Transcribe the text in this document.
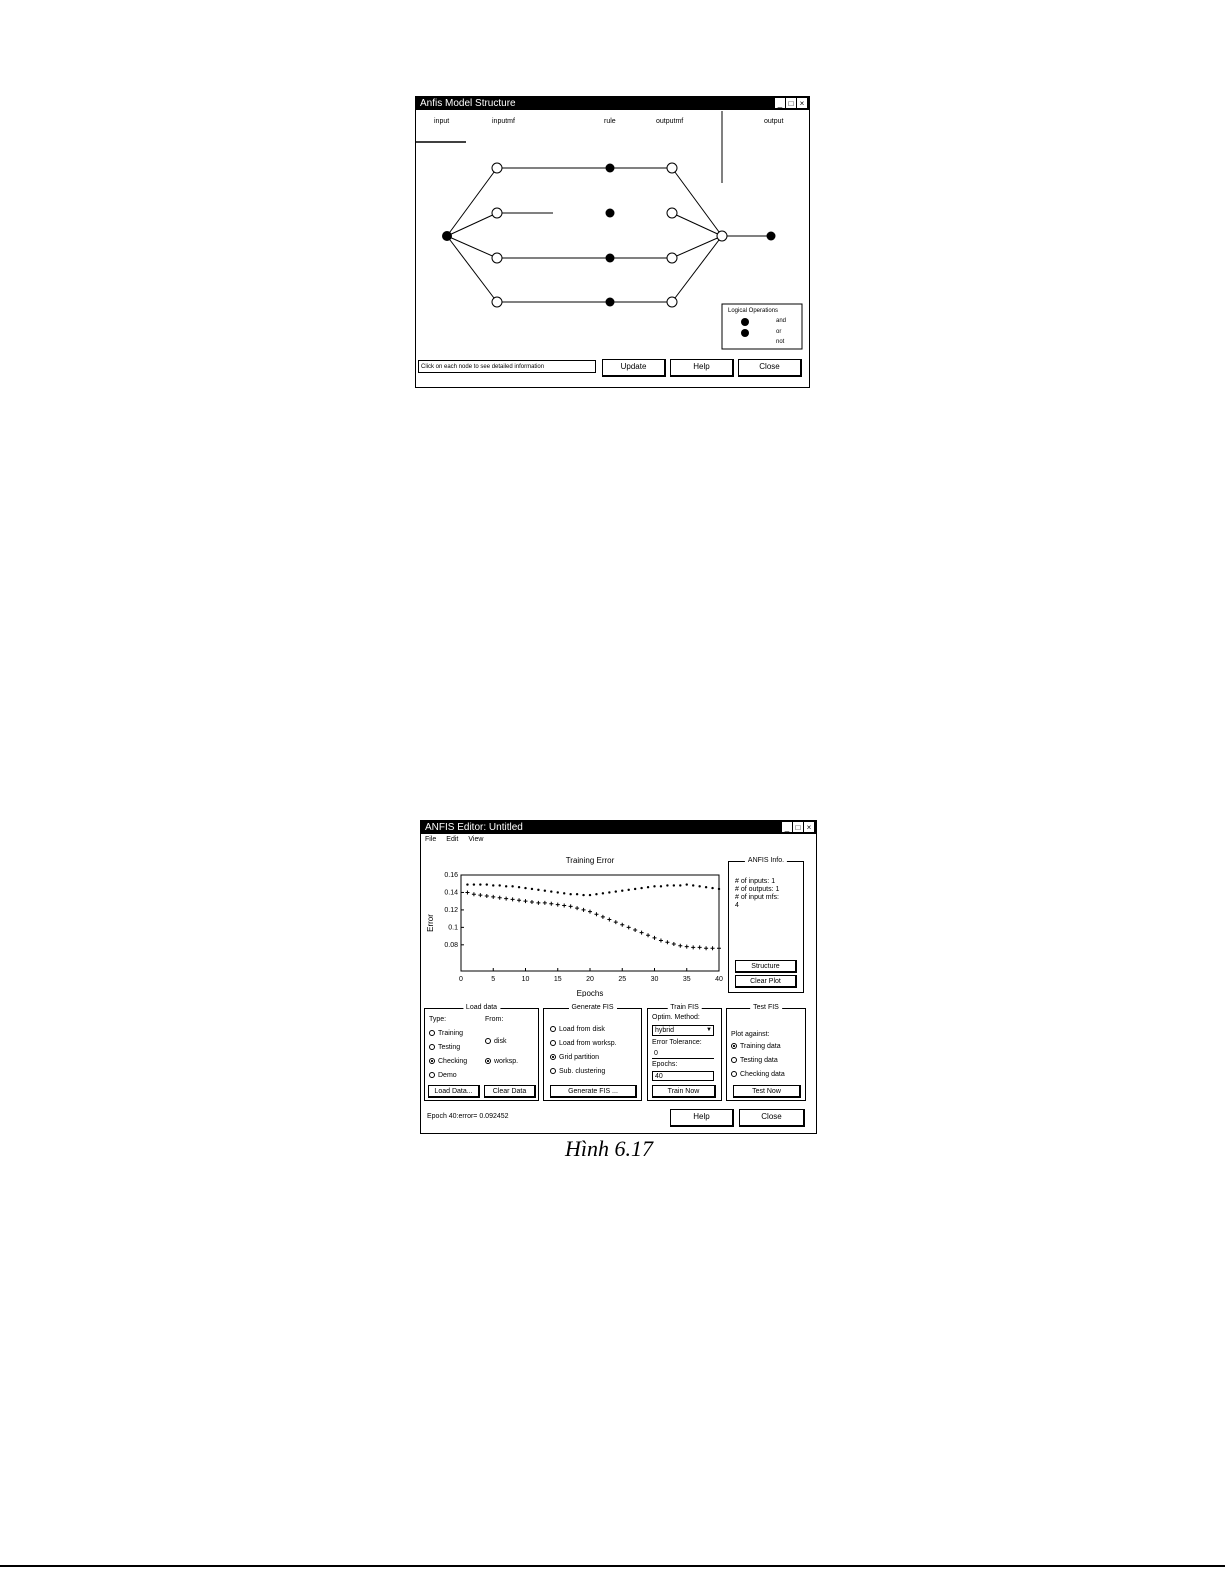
Anfis Model Structure	_ □ ×
input	inputmf	rule	outputmf	output
Logical Operations
and
or
not
Click on each node to see detailed information	Update	Help	Close
ANFIS Editor: Untitled	_ □ ×
File Edit View
Training Error
Epochs
Error
0	5	10	15	20	25	30	35	40
0.16
0.14
0.12
0.1
0.08
ANFIS Info.
# of inputs: 1
# of outputs: 1
# of input mfs:
4
Structure
Clear Plot
Load data
Type:	From:
Training
Testing
Checking
Demo
disk
worksp.
Load Data...	Clear Data
Generate FIS
Load from disk
Load from worksp.
Grid partition
Sub. clustering
Generate FIS ...
Train FIS
Optim. Method:
hybrid	▼
Error Tolerance:
0
Epochs:
40
Train Now
Test FIS
Plot against:
Training data
Testing data
Checking data
Test Now
Epoch 40:error= 0.092452	Help	Close
Hình 6.17
